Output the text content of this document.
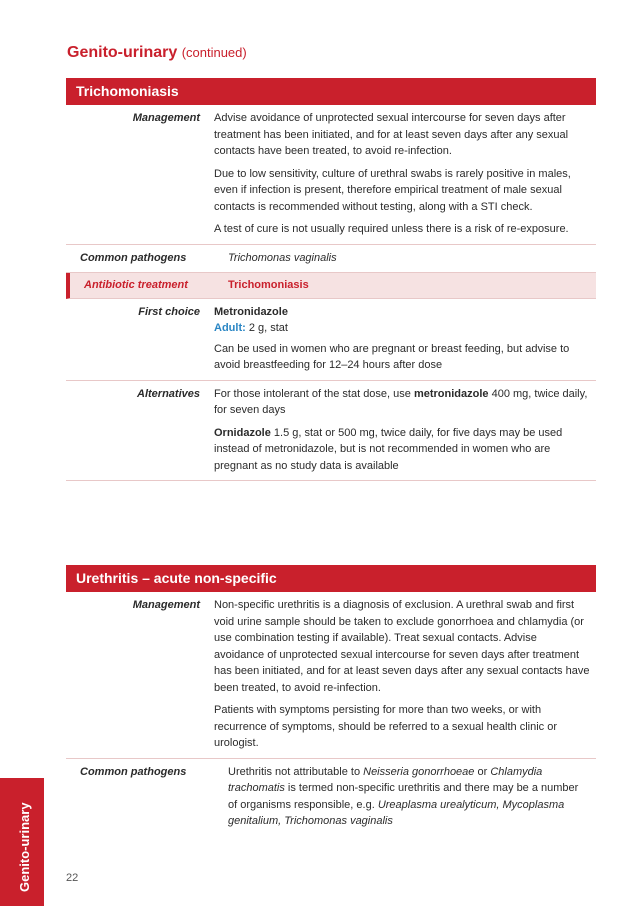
Genito-urinary (continued)
Trichomoniasis
Management	Advise avoidance of unprotected sexual intercourse for seven days after treatment has been initiated, and for at least seven days after any sexual contacts have been treated, to avoid re-infection.

Due to low sensitivity, culture of urethral swabs is rarely positive in males, even if infection is present, therefore empirical treatment of male sexual contacts is recommended without testing, along with a STI check.

A test of cure is not usually required unless there is a risk of re-exposure.

Common pathogens	Trichomonas vaginalis
Antibiotic treatment	Trichomoniasis
First choice	Metronidazole
Adult: 2 g, stat

Can be used in women who are pregnant or breast feeding, but advise to avoid breastfeeding for 12–24 hours after dose

Alternatives	For those intolerant of the stat dose, use metronidazole 400 mg, twice daily, for seven days

Ornidazole 1.5 g, stat or 500 mg, twice daily, for five days may be used instead of metronidazole, but is not recommended in women who are pregnant as no study data is available

Urethritis – acute non-specific
Management	Non-specific urethritis is a diagnosis of exclusion. A urethral swab and first void urine sample should be taken to exclude gonorrhoea and chlamydia (or use combination testing if available). Treat sexual contacts. Advise avoidance of unprotected sexual intercourse for seven days after treatment has been initiated, and for at least seven days after any sexual contacts have been treated, to avoid re-infection.

Patients with symptoms persisting for more than two weeks, or with recurrence of symptoms, should be referred to a sexual health clinic or urologist.

Common pathogens	Urethritis not attributable to Neisseria gonorrhoeae or Chlamydia trachomatis is termed non-specific urethritis and there may be a number of organisms responsible, e.g. Ureaplasma urealyticum, Mycoplasma genitalium, Trichomonas vaginalis
Genito-urinary	22
